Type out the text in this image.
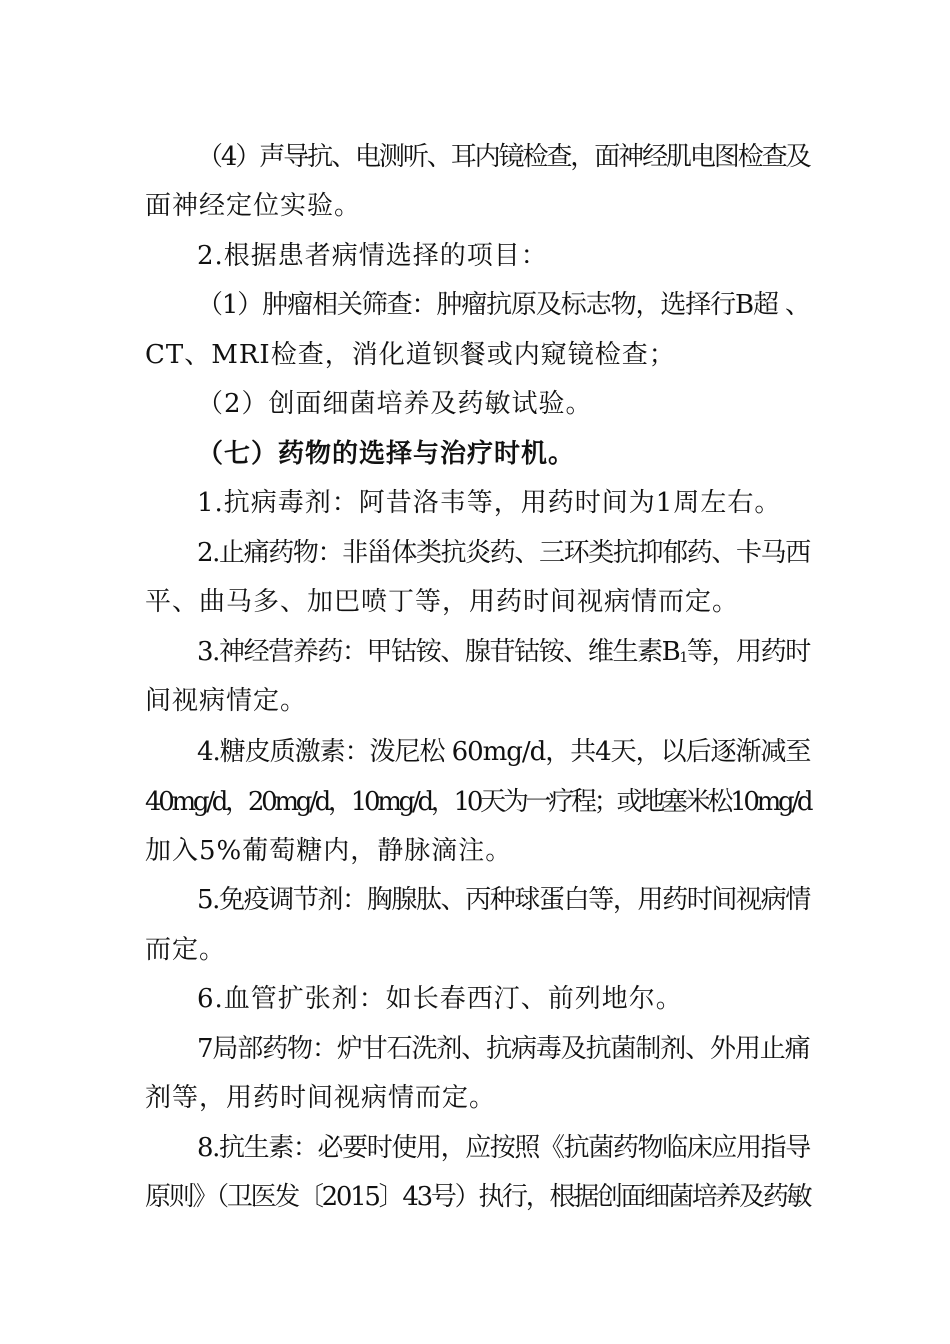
（4）声导抗、电测听、耳内镜检查，面神经肌电图检查及
面神经定位实验。
2.根据患者病情选择的项目：
（1）肿瘤相关筛查：肿瘤抗原及标志物，选择行B超 、
CT、MRI检查，消化道钡餐或内窥镜检查；
（2）创面细菌培养及药敏试验。
（七）药物的选择与治疗时机。
1.抗病毒剂：阿昔洛韦等，用药时间为1周左右。
2.止痛药物：非甾体类抗炎药、三环类抗抑郁药、卡马西
平、曲马多、加巴喷丁等，用药时间视病情而定。
3.神经营养药：甲钴铵、腺苷钴铵、维生素$B_1$等，用药时
间视病情定。
4.糖皮质激素：泼尼松 60mg/d，共4天，以后逐渐减至
40mg/d，20mg/d，10mg/d，10天为一疗程；或地塞米松10mg/d
加入5%葡萄糖内，静脉滴注。
5.免疫调节剂：胸腺肽、丙种球蛋白等，用药时间视病情
而定。
6.血管扩张剂：如长春西汀、前列地尔。
7局部药物：炉甘石洗剂、抗病毒及抗菌制剂、外用止痛
剂等，用药时间视病情而定。
8.抗生素：必要时使用，应按照《抗菌药物临床应用指导
原则》（卫医发〔2015〕43号）执行，根据创面细菌培养及药敏
